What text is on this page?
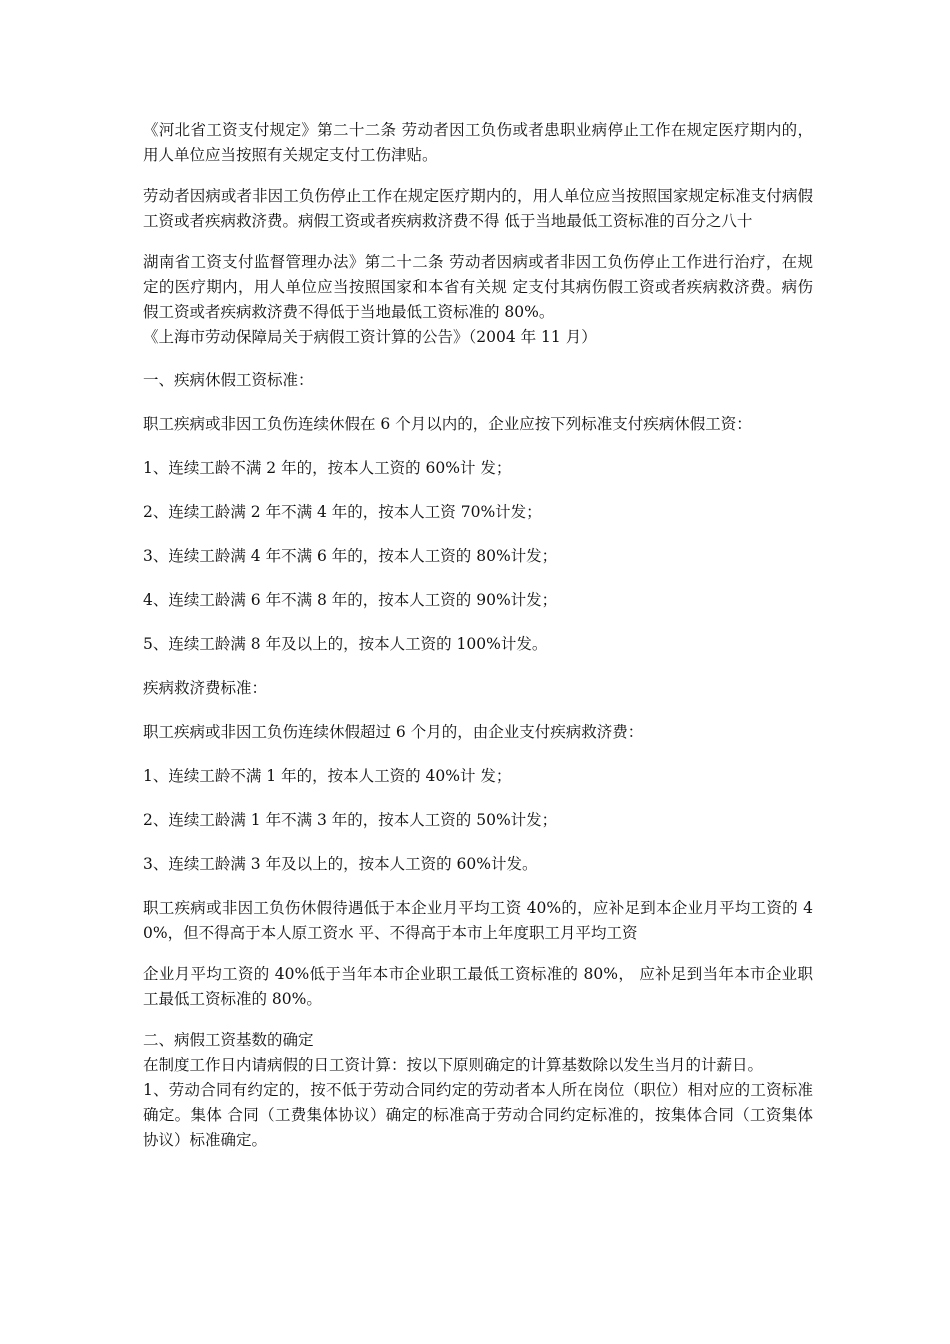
《河北省工资支付规定》第二十二条 劳动者因工负伤或者患职业病停止工作在规定医疗期内的，用人单位应当按照有关规定支付工伤津贴。

劳动者因病或者非因工负伤停止工作在规定医疗期内的，用人单位应当按照国家规定标准支付病假工资或者疾病救济费。病假工资或者疾病救济费不得 低于当地最低工资标准的百分之八十

湖南省工资支付监督管理办法》第二十二条 劳动者因病或者非因工负伤停止工作进行治疗，在规定的医疗期内，用人单位应当按照国家和本省有关规 定支付其病伤假工资或者疾病救济费。病伤假工资或者疾病救济费不得低于当地最低工资标准的 80%。

《上海市劳动保障局关于病假工资计算的公告》（2004 年 11 月）

一、疾病休假工资标准：

职工疾病或非因工负伤连续休假在 6 个月以内的，企业应按下列标准支付疾病休假工资：

1、连续工龄不满 2 年的，按本人工资的 60%计 发；

2、连续工龄满 2 年不满 4 年的，按本人工资 70%计发；

3、连续工龄满 4 年不满 6 年的，按本人工资的 80%计发；

4、连续工龄满 6 年不满 8 年的，按本人工资的 90%计发；

5、连续工龄满 8 年及以上的，按本人工资的 100%计发。

疾病救济费标准：

职工疾病或非因工负伤连续休假超过 6 个月的，由企业支付疾病救济费：

1、连续工龄不满 1 年的，按本人工资的 40%计 发；

2、连续工龄满 1 年不满 3 年的，按本人工资的 50%计发；

3、连续工龄满 3 年及以上的，按本人工资的 60%计发。

职工疾病或非因工负伤休假待遇低于本企业月平均工资 40%的，应补足到本企业月平均工资的 40%，但不得高于本人原工资水 平、不得高于本市上年度职工月平均工资

企业月平均工资的 40%低于当年本市企业职工最低工资标准的 80%， 应补足到当年本市企业职工最低工资标准的 80%。

二、病假工资基数的确定

在制度工作日内请病假的日工资计算：按以下原则确定的计算基数除以发生当月的计薪日。

1、劳动合同有约定的，按不低于劳动合同约定的劳动者本人所在岗位（职位）相对应的工资标准确定。集体 合同（工费集体协议）确定的标准高于劳动合同约定标准的，按集体合同（工资集体协议）标准确定。
